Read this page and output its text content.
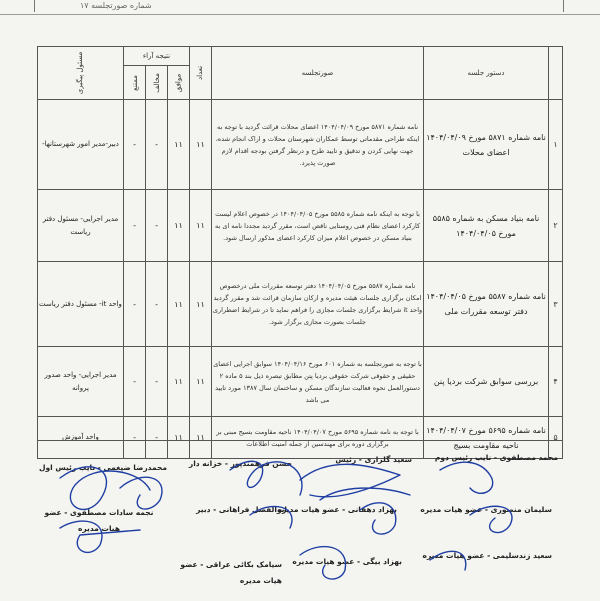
شماره صورتجلسه ۱۷
	دستور جلسه	صورتجلسه	تعداد	نتیجه آراء			مسئول پیگیری
				موافق	مخالف	ممتنع	
۱	نامه شماره ۵۸۷۱ مورخ ۱۴۰۴/۰۴/۰۹ اعضای محلات	نامه شماره ۵۸۷۱ مورخ ۱۴۰۴/۰۴/۰۹ اعضای محلات قرائت گردید با توجه به اینکه طراحی مقدماتی توسط عمکاران شهرستان محلات و اراک انجام شده، جهت نهایی کردن و تدقیق و تایید طرح و درنظر گرفتن بودجه اقدام لازم صورت پذیرد.	۱۱	۱۱	-	-	دبیر-مدیر امور شهرستانها-
۲	نامه بنیاد مسکن به شماره ۵۵۸۵ مورخ ۱۴۰۴/۰۴/۰۵	با توجه به اینکه نامه شماره ۵۵۸۵ مورخ ۱۴۰۴/۰۴/۰۵ در خصوص اعلام لیست کارکرد اعضای نظام فنی روستایی ناقص است، مقرر گردید مجددا نامه ای به بنیاد مسکن در خصوص اعلام میزان کارکرد اعضای مذکور ارسال شود.	۱۱	۱۱	-	-	مدیر اجرایی- مسئول دفتر ریاست
۳	نامه شماره ۵۵۸۷ مورخ ۱۴۰۴/۰۴/۰۵ دفتر توسعه مقررات ملی	نامه شماره ۵۵۸۷ مورخ ۱۴۰۴/۰۴/۰۵ دفتر توسعه مقررات ملی درخصوص امکان برگزاری جلسات هیئت مدیره و ارکان سازمان قرائت شد و مقرر گردید واحد it شرایط برگزاری جلسات مجازی را فراهم نماید تا در شرایط اضطراری جلسات بصورت مجازی برگزار شود.	۱۱	۱۱	-	-	واحد it- مسئول دفتر ریاست
۴	بررسی سوابق شرکت بردیا پنن	با توجه به صورتجلسه به شماره ۶۰۱ مورخ ۱۴۰۴/۰۴/۱۶ سوابق اجرایی اعضای حقیقی و حقوقی شرکت حقوقی بردیا پتن مطابق تبصره ذیل بند ۵ ماده ۲ دستورالعمل نحوه فعالیت سازندگان مسکن و ساختمان سال ۱۳۸۷ مورد تایید می باشد	۱۱	۱۱	-	-	مدیر اجرایی- واحد صدور پروانه
۵	نامه شماره ۵۶۹۵ مورخ ۱۴۰۴/۰۴/۰۷ ناحیه مقاومت بسیج	با توجه به نامه شماره ۵۶۹۵ مورخ ۱۴۰۴/۰۴/۰۷ ناحیه مقاومت بسیج مبنی بر برگزاری دوره برای مهندسین از جمله امنیت اطلاعات	۱۱	۱۱	-	-	واحد آموزش
محمد مصطفوی - نایب رئیس دوم
سعید گلزاری - رئیس
حسن فرهمندپور - خزانه دار
محمدرضا ضیغمی - نایب رئیس اول
سلیمان منصوری - عضو هیات مدیره
بهزاد دهقانی - عضو هیات مدیره
ابوالفضل فراهانی - دبیر
نجمه سادات مصطفوی - عضو هیات مدیره
سعید زندسلیمی - عضو هیات مدیره
بهزاد بیگی - عضو هیات مدیره
سیامک بکائی عراقی - عضو هیات مدیره
